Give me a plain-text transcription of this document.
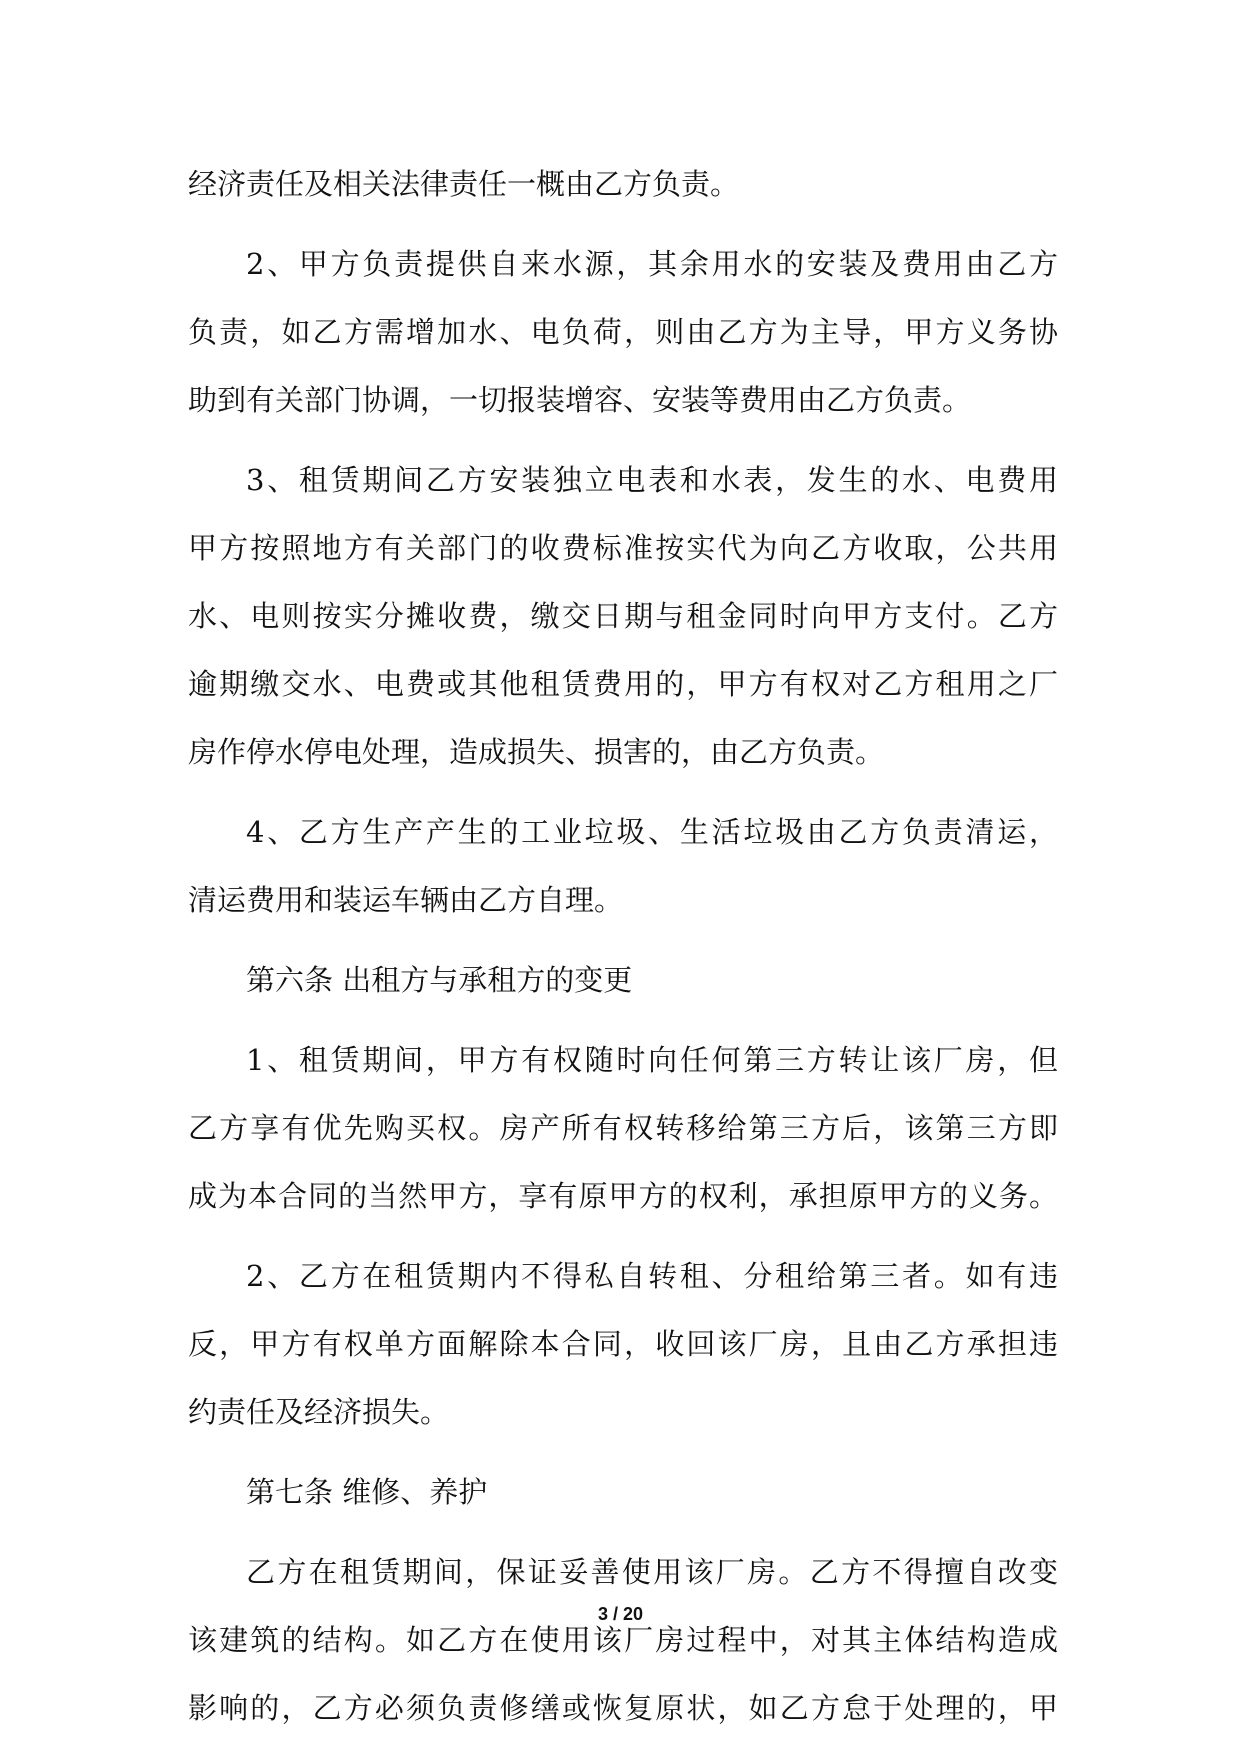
经济责任及相关法律责任一概由乙方负责。
2、甲方负责提供自来水源，其余用水的安装及费用由乙方
负责，如乙方需增加水、电负荷，则由乙方为主导，甲方义务协
助到有关部门协调，一切报装增容、安装等费用由乙方负责。
3、租赁期间乙方安装独立电表和水表，发生的水、电费用
甲方按照地方有关部门的收费标准按实代为向乙方收取，公共用
水、电则按实分摊收费，缴交日期与租金同时向甲方支付。乙方
逾期缴交水、电费或其他租赁费用的，甲方有权对乙方租用之厂
房作停水停电处理，造成损失、损害的，由乙方负责。
4、乙方生产产生的工业垃圾、生活垃圾由乙方负责清运，
清运费用和装运车辆由乙方自理。
第六条 出租方与承租方的变更
1、租赁期间，甲方有权随时向任何第三方转让该厂房，但
乙方享有优先购买权。房产所有权转移给第三方后，该第三方即
成为本合同的当然甲方，享有原甲方的权利，承担原甲方的义务。
2、乙方在租赁期内不得私自转租、分租给第三者。如有违
反，甲方有权单方面解除本合同，收回该厂房，且由乙方承担违
约责任及经济损失。
第七条 维修、养护
乙方在租赁期间，保证妥善使用该厂房。乙方不得擅自改变
该建筑的结构。如乙方在使用该厂房过程中，对其主体结构造成
影响的，乙方必须负责修缮或恢复原状，如乙方怠于处理的，甲
3 / 20
